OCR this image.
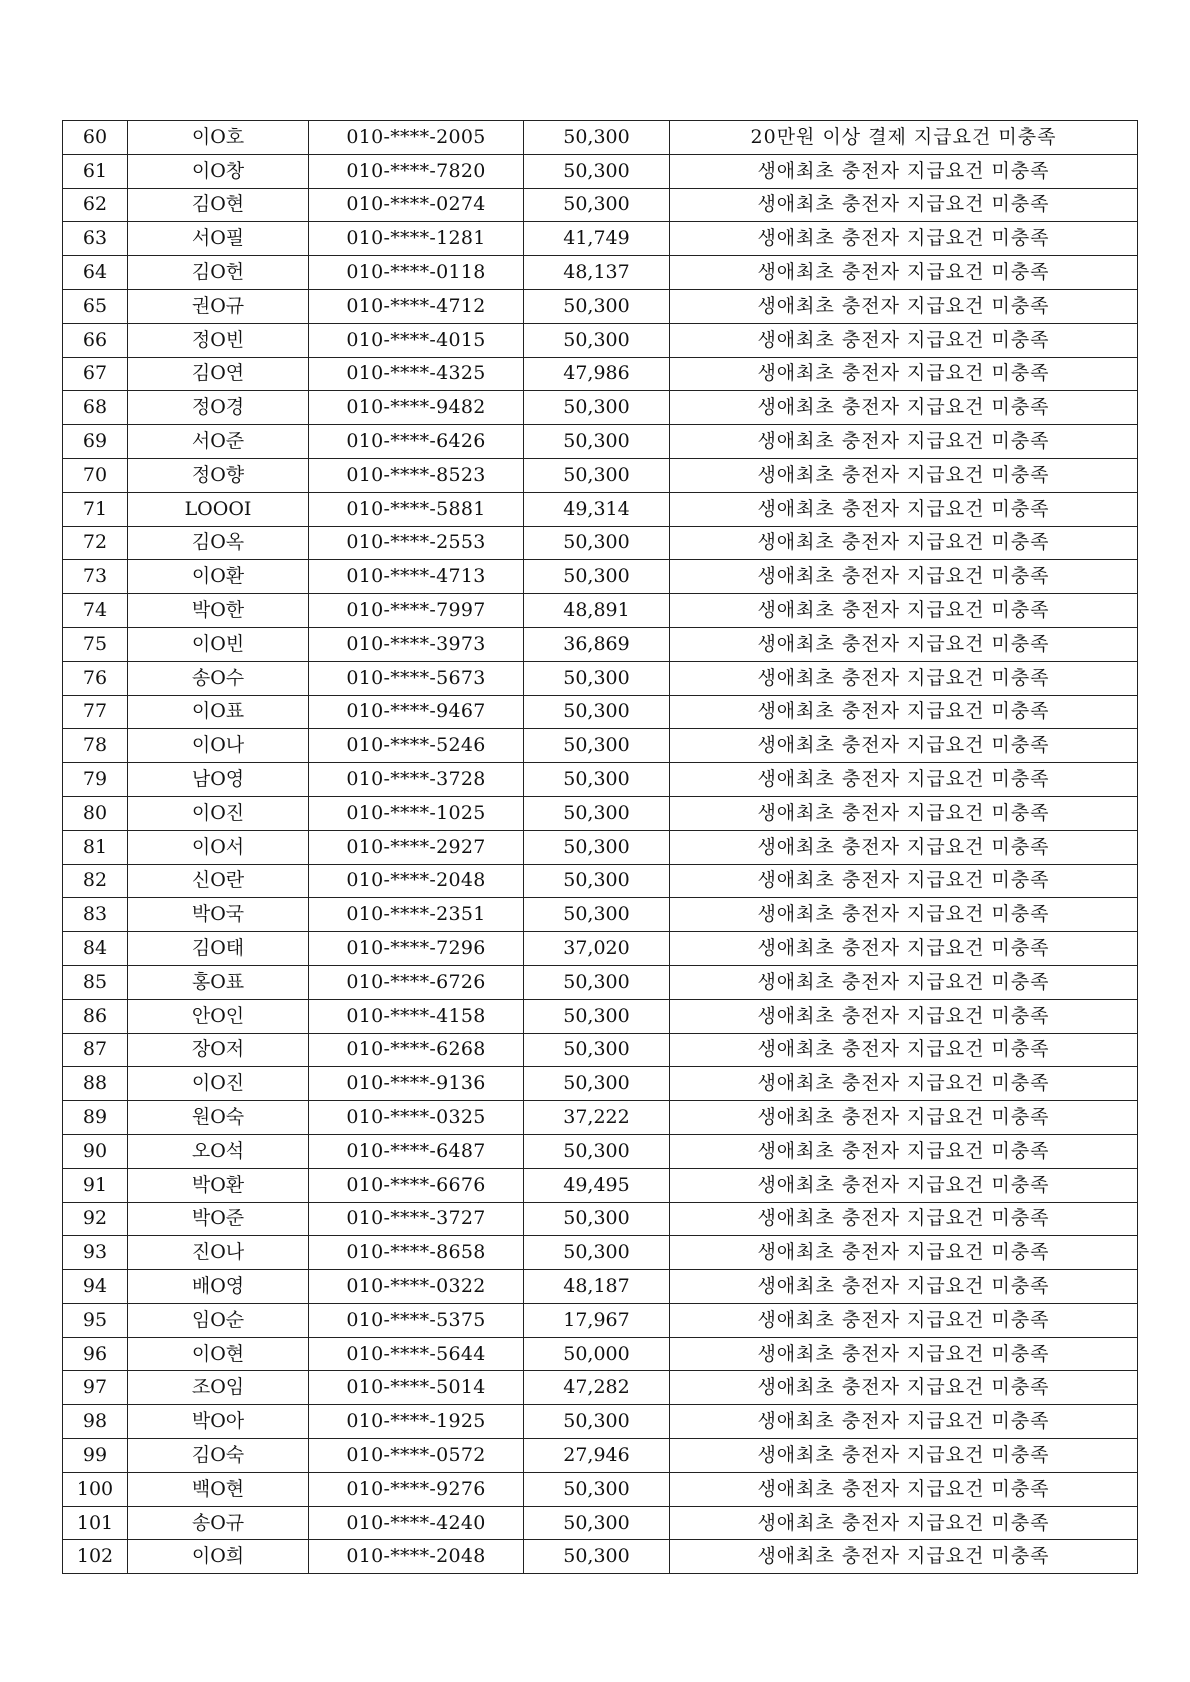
60	이O호	010-****-2005	50,300	20만원 이상 결제 지급요건 미충족
61	이O창	010-****-7820	50,300	생애최초 충전자 지급요건 미충족
62	김O현	010-****-0274	50,300	생애최초 충전자 지급요건 미충족
63	서O필	010-****-1281	41,749	생애최초 충전자 지급요건 미충족
64	김O헌	010-****-0118	48,137	생애최초 충전자 지급요건 미충족
65	권O규	010-****-4712	50,300	생애최초 충전자 지급요건 미충족
66	정O빈	010-****-4015	50,300	생애최초 충전자 지급요건 미충족
67	김O연	010-****-4325	47,986	생애최초 충전자 지급요건 미충족
68	정O경	010-****-9482	50,300	생애최초 충전자 지급요건 미충족
69	서O준	010-****-6426	50,300	생애최초 충전자 지급요건 미충족
70	정O향	010-****-8523	50,300	생애최초 충전자 지급요건 미충족
71	LOOOI	010-****-5881	49,314	생애최초 충전자 지급요건 미충족
72	김O옥	010-****-2553	50,300	생애최초 충전자 지급요건 미충족
73	이O환	010-****-4713	50,300	생애최초 충전자 지급요건 미충족
74	박O한	010-****-7997	48,891	생애최초 충전자 지급요건 미충족
75	이O빈	010-****-3973	36,869	생애최초 충전자 지급요건 미충족
76	송O수	010-****-5673	50,300	생애최초 충전자 지급요건 미충족
77	이O표	010-****-9467	50,300	생애최초 충전자 지급요건 미충족
78	이O나	010-****-5246	50,300	생애최초 충전자 지급요건 미충족
79	남O영	010-****-3728	50,300	생애최초 충전자 지급요건 미충족
80	이O진	010-****-1025	50,300	생애최초 충전자 지급요건 미충족
81	이O서	010-****-2927	50,300	생애최초 충전자 지급요건 미충족
82	신O란	010-****-2048	50,300	생애최초 충전자 지급요건 미충족
83	박O국	010-****-2351	50,300	생애최초 충전자 지급요건 미충족
84	김O태	010-****-7296	37,020	생애최초 충전자 지급요건 미충족
85	홍O표	010-****-6726	50,300	생애최초 충전자 지급요건 미충족
86	안O인	010-****-4158	50,300	생애최초 충전자 지급요건 미충족
87	장O저	010-****-6268	50,300	생애최초 충전자 지급요건 미충족
88	이O진	010-****-9136	50,300	생애최초 충전자 지급요건 미충족
89	원O숙	010-****-0325	37,222	생애최초 충전자 지급요건 미충족
90	오O석	010-****-6487	50,300	생애최초 충전자 지급요건 미충족
91	박O환	010-****-6676	49,495	생애최초 충전자 지급요건 미충족
92	박O준	010-****-3727	50,300	생애최초 충전자 지급요건 미충족
93	진O나	010-****-8658	50,300	생애최초 충전자 지급요건 미충족
94	배O영	010-****-0322	48,187	생애최초 충전자 지급요건 미충족
95	임O순	010-****-5375	17,967	생애최초 충전자 지급요건 미충족
96	이O현	010-****-5644	50,000	생애최초 충전자 지급요건 미충족
97	조O임	010-****-5014	47,282	생애최초 충전자 지급요건 미충족
98	박O아	010-****-1925	50,300	생애최초 충전자 지급요건 미충족
99	김O숙	010-****-0572	27,946	생애최초 충전자 지급요건 미충족
100	백O현	010-****-9276	50,300	생애최초 충전자 지급요건 미충족
101	송O규	010-****-4240	50,300	생애최초 충전자 지급요건 미충족
102	이O희	010-****-2048	50,300	생애최초 충전자 지급요건 미충족
